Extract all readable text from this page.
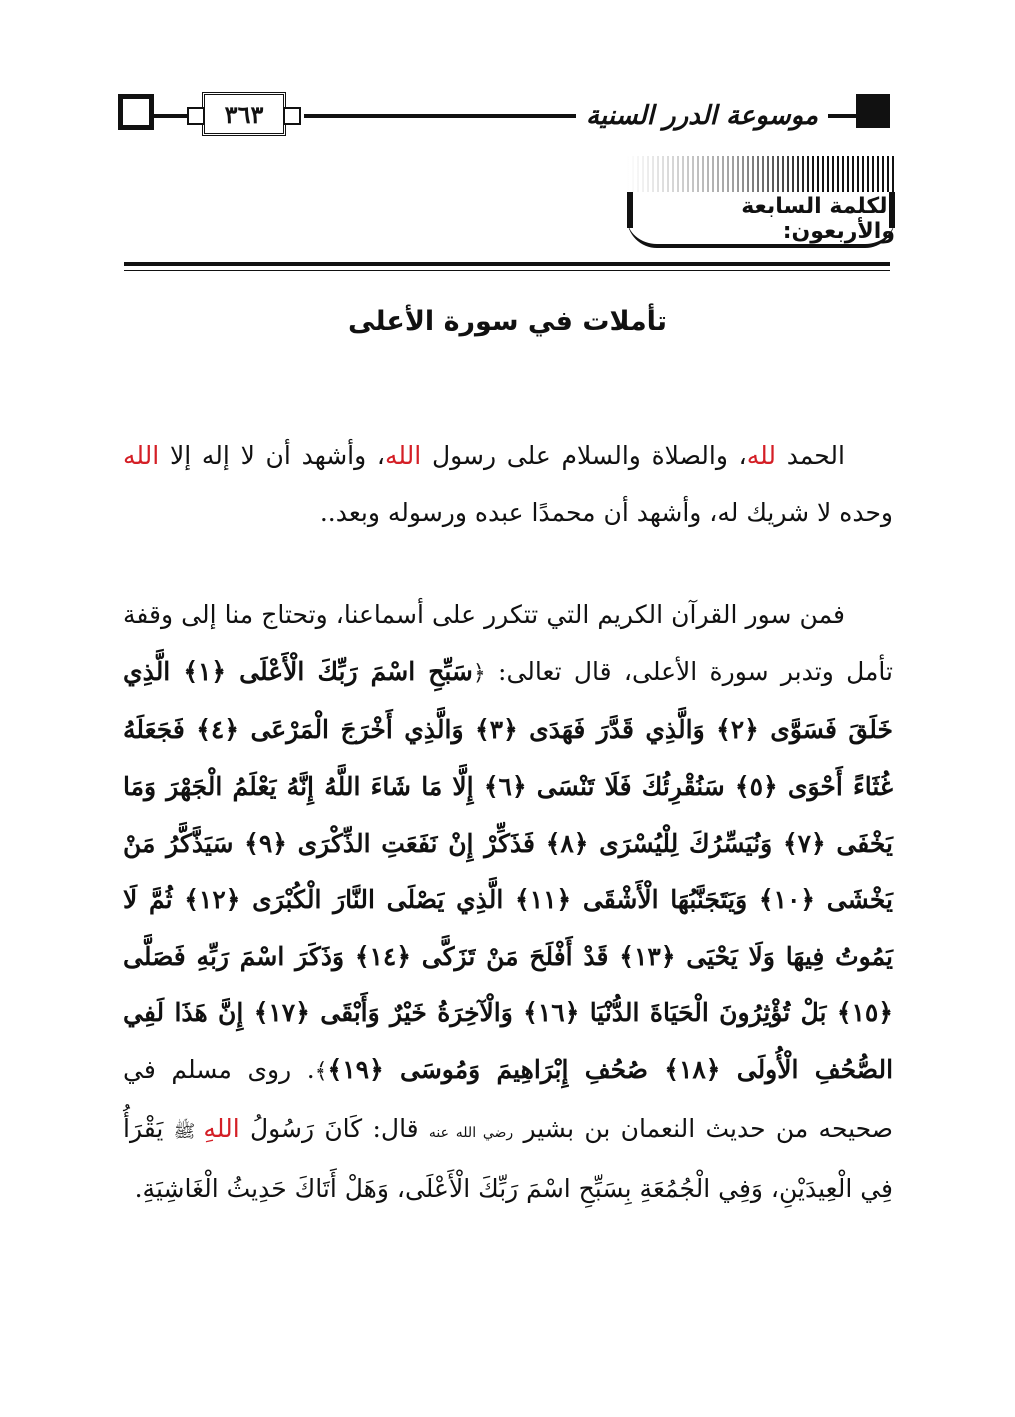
٣٦٣	موسوعة الدرر السنية
الكلمة السابعة والأربعون:
تأملات في سورة الأعلى

الحمد لله، والصلاة والسلام على رسول الله، وأشهد أن لا إله إلا الله وحده لا شريك له، وأشهد أن محمدًا عبده ورسوله وبعد..

فمن سور القرآن الكريم التي تتكرر على أسماعنا، وتحتاج منا إلى وقفة تأمل وتدبر سورة الأعلى، قال تعالى: ﴿سَبِّحِ اسْمَ رَبِّكَ الْأَعْلَى ﴿١﴾ الَّذِي خَلَقَ فَسَوَّى ﴿٢﴾ وَالَّذِي قَدَّرَ فَهَدَى ﴿٣﴾ وَالَّذِي أَخْرَجَ الْمَرْعَى ﴿٤﴾ فَجَعَلَهُ غُثَاءً أَحْوَى ﴿٥﴾ سَنُقْرِئُكَ فَلَا تَنْسَى ﴿٦﴾ إِلَّا مَا شَاءَ اللَّهُ إِنَّهُ يَعْلَمُ الْجَهْرَ وَمَا يَخْفَى ﴿٧﴾ وَنُيَسِّرُكَ لِلْيُسْرَى ﴿٨﴾ فَذَكِّرْ إِنْ نَفَعَتِ الذِّكْرَى ﴿٩﴾ سَيَذَّكَّرُ مَنْ يَخْشَى ﴿١٠﴾ وَيَتَجَنَّبُهَا الْأَشْقَى ﴿١١﴾ الَّذِي يَصْلَى النَّارَ الْكُبْرَى ﴿١٢﴾ ثُمَّ لَا يَمُوتُ فِيهَا وَلَا يَحْيَى ﴿١٣﴾ قَدْ أَفْلَحَ مَنْ تَزَكَّى ﴿١٤﴾ وَذَكَرَ اسْمَ رَبِّهِ فَصَلَّى ﴿١٥﴾ بَلْ تُؤْثِرُونَ الْحَيَاةَ الدُّنْيَا ﴿١٦﴾ وَالْآخِرَةُ خَيْرٌ وَأَبْقَى ﴿١٧﴾ إِنَّ هَذَا لَفِي الصُّحُفِ الْأُولَى ﴿١٨﴾ صُحُفِ إِبْرَاهِيمَ وَمُوسَى ﴿١٩﴾﴾. روى مسلم في صحيحه من حديث النعمان بن بشير رضي الله عنه قال: كَانَ رَسُولُ اللهِ ﷺ يَقْرَأُ فِي الْعِيدَيْنِ، وَفِي الْجُمُعَةِ بِسَبِّحِ اسْمَ رَبِّكَ الْأَعْلَى، وَهَلْ أَتَاكَ حَدِيثُ الْغَاشِيَةِ.
